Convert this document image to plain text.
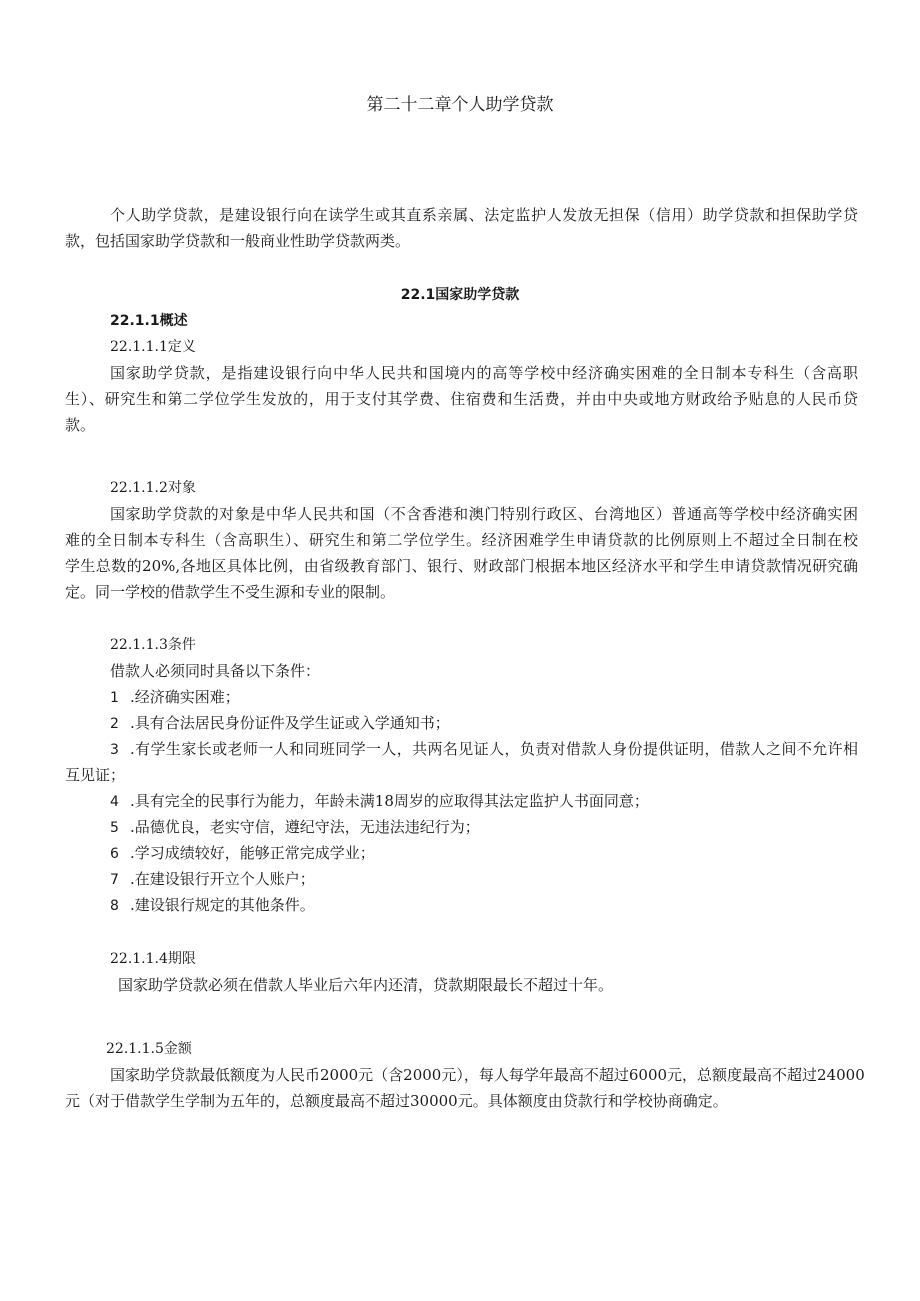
第二十二章个人助学贷款
个人助学贷款，是建设银行向在读学生或其直系亲属、法定监护人发放无担保（信用）助学贷款和担保助学贷
款，包括国家助学贷款和一般商业性助学贷款两类。
22.1国家助学贷款
22.1.1概述
22.1.1.1定义
国家助学贷款，是指建设银行向中华人民共和国境内的高等学校中经济确实困难的全日制本专科生（含高职
生）、研究生和第二学位学生发放的，用于支付其学费、住宿费和生活费，并由中央或地方财政给予贴息的人民币贷
款。
22.1.1.2对象
国家助学贷款的对象是中华人民共和国（不含香港和澳门特别行政区、台湾地区）普通高等学校中经济确实困
难的全日制本专科生（含高职生）、研究生和第二学位学生。经济困难学生申请贷款的比例原则上不超过全日制在校
学生总数的20%,各地区具体比例，由省级教育部门、银行、财政部门根据本地区经济水平和学生申请贷款情况研究确
定。同一学校的借款学生不受生源和专业的限制。
22.1.1.3条件
借款人必须同时具备以下条件：
1 .经济确实困难；
2 .具有合法居民身份证件及学生证或入学通知书；
3 .有学生家长或老师一人和同班同学一人，共两名见证人，负责对借款人身份提供证明，借款人之间不允许相
互见证；
4 .具有完全的民事行为能力，年龄未满18周岁的应取得其法定监护人书面同意；
5 .品德优良，老实守信，遵纪守法，无违法违纪行为；
6 .学习成绩较好，能够正常完成学业；
7 .在建设银行开立个人账户；
8 .建设银行规定的其他条件。
22.1.1.4期限
国家助学贷款必须在借款人毕业后六年内还清，贷款期限最长不超过十年。
22.1.1.5金额
国家助学贷款最低额度为人民币2000元（含2000元），每人每学年最高不超过6000元，总额度最高不超过24000
元（对于借款学生学制为五年的，总额度最高不超过30000元。具体额度由贷款行和学校协商确定。
